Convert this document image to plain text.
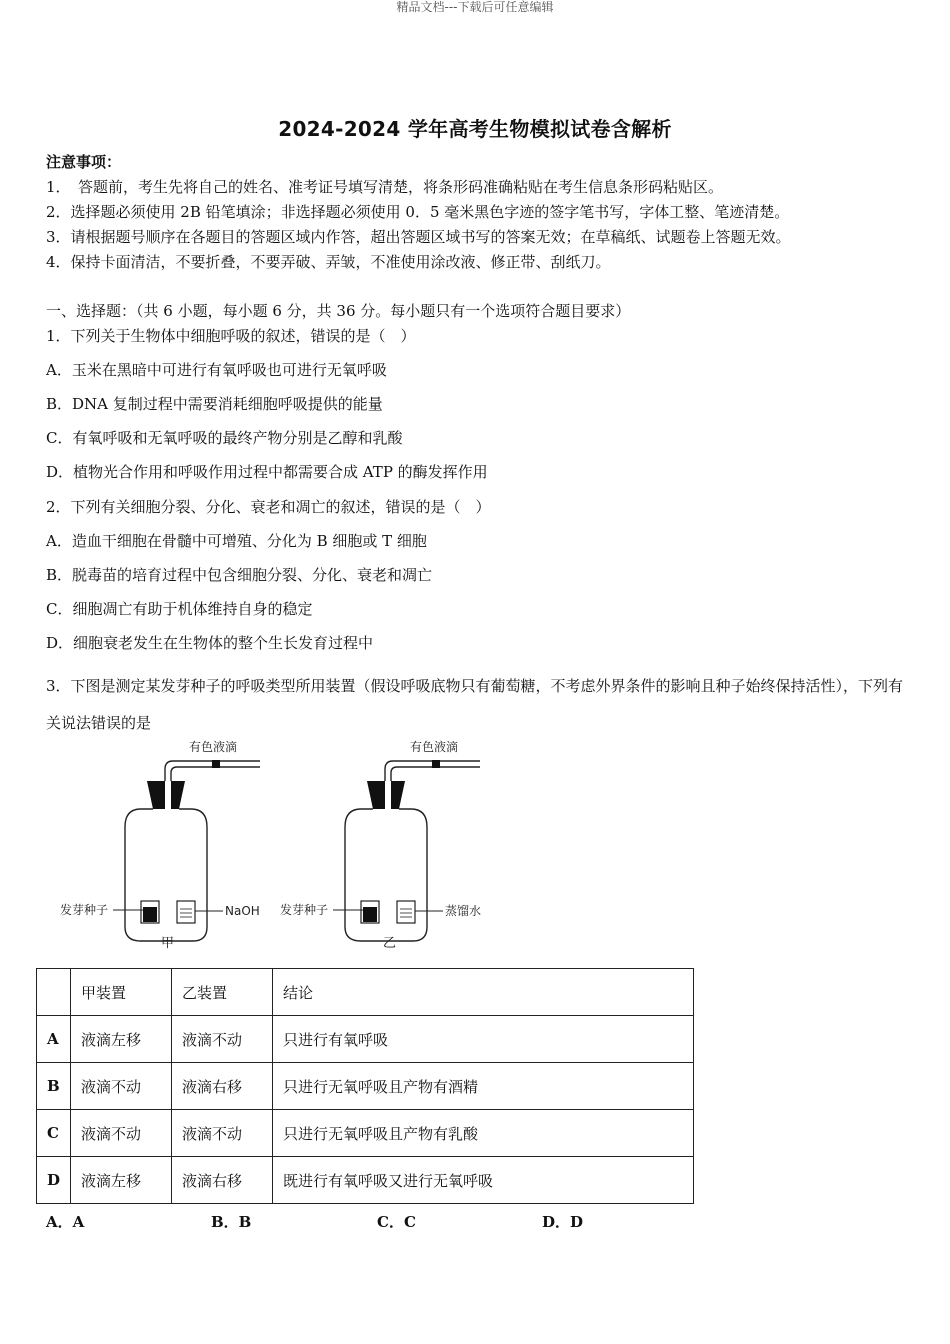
精品文档---下载后可任意编辑
2024-2024 学年高考生物模拟试卷含解析
注意事项：
1．　答题前，考生先将自己的姓名、准考证号填写清楚，将条形码准确粘贴在考生信息条形码粘贴区。
2．选择题必须使用 2B 铅笔填涂；非选择题必须使用 0．5 毫米黑色字迹的签字笔书写，字体工整、笔迹清楚。
3．请根据题号顺序在各题目的答题区域内作答，超出答题区域书写的答案无效；在草稿纸、试题卷上答题无效。
4．保持卡面清洁，不要折叠，不要弄破、弄皱，不准使用涂改液、修正带、刮纸刀。
一、选择题：（共 6 小题，每小题 6 分，共 36 分。每小题只有一个选项符合题目要求）
1．下列关于生物体中细胞呼吸的叙述，错误的是（　）
A．玉米在黑暗中可进行有氧呼吸也可进行无氧呼吸
B．DNA 复制过程中需要消耗细胞呼吸提供的能量
C．有氧呼吸和无氧呼吸的最终产物分别是乙醇和乳酸
D．植物光合作用和呼吸作用过程中都需要合成 ATP 的酶发挥作用
2．下列有关细胞分裂、分化、衰老和凋亡的叙述，错误的是（　）
A．造血干细胞在骨髓中可增殖、分化为 B 细胞或 T 细胞
B．脱毒苗的培育过程中包含细胞分裂、分化、衰老和凋亡
C．细胞凋亡有助于机体维持自身的稳定
D．细胞衰老发生在生物体的整个生长发育过程中
3．下图是测定某发芽种子的呼吸类型所用装置（假设呼吸底物只有葡萄糖，不考虑外界条件的影响且种子始终保持活性），下列有关说法错误的是
有色液滴
发芽种子	NaOH
甲
有色液滴
发芽种子	蒸馏水
乙
	甲装置	乙装置	结论
A	液滴左移	液滴不动	只进行有氧呼吸
B	液滴不动	液滴右移	只进行无氧呼吸且产物有酒精
C	液滴不动	液滴不动	只进行无氧呼吸且产物有乳酸
D	液滴左移	液滴右移	既进行有氧呼吸又进行无氧呼吸
A．A	B．B	C．C	D．D
